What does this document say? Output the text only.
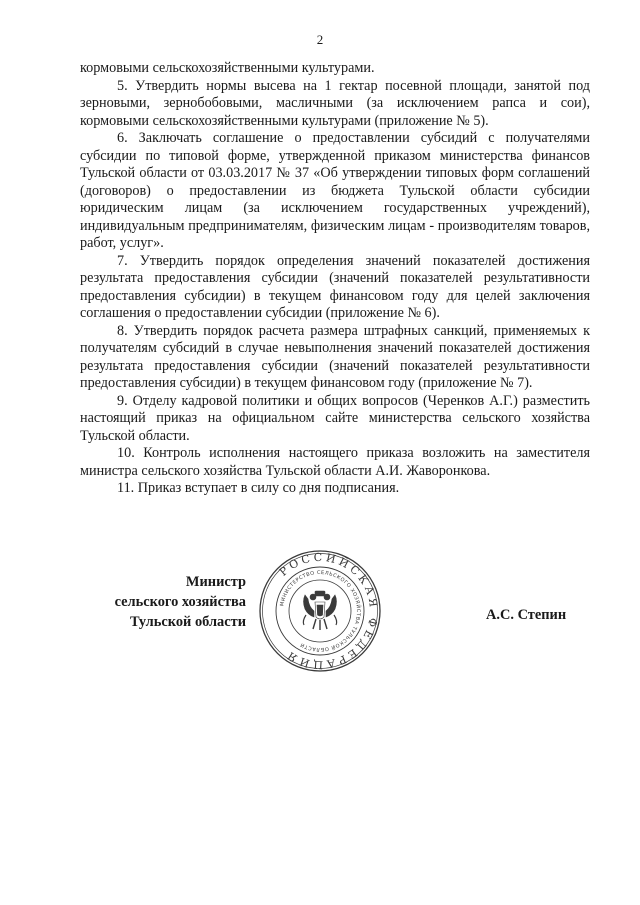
2

кормовыми сельскохозяйственными культурами.

5. Утвердить нормы высева на 1 гектар посевной площади, занятой под зерновыми, зернобобовыми, масличными (за исключением рапса и сои), кормовыми сельскохозяйственными культурами (приложение № 5).

6. Заключать соглашение о предоставлении субсидий с получателями субсидии по типовой форме, утвержденной приказом министерства финансов Тульской области от 03.03.2017 № 37 «Об утверждении типовых форм соглашений (договоров) о предоставлении из бюджета Тульской области субсидии юридическим лицам (за исключением государственных учреждений), индивидуальным предпринимателям, физическим лицам - производителям товаров, работ, услуг».

7. Утвердить порядок определения значений показателей достижения результата предоставления субсидии (значений показателей результативности предоставления субсидии) в текущем финансовом году для целей заключения соглашения о предоставлении субсидии (приложение № 6).

8. Утвердить порядок расчета размера штрафных санкций, применяемых к получателям субсидий в случае невыполнения значений показателей достижения результата предоставления субсидии (значений показателей результативности предоставления субсидии) в текущем финансовом году (приложение № 7).

9. Отделу кадровой политики и общих вопросов (Черенков А.Г.) разместить настоящий приказ на официальном сайте министерства сельского хозяйства Тульской области.

10. Контроль исполнения настоящего приказа возложить на заместителя министра сельского хозяйства Тульской области А.И. Жаворонкова.

11. Приказ вступает в силу со дня подписания.

Министр
сельского хозяйства
Тульской области
РОССИЙСКАЯ ФЕДЕРАЦИЯ
МИНИСТЕРСТВО СЕЛЬСКОГО ХОЗЯЙСТВА ТУЛЬСКОЙ ОБЛАСТИ
А.С. Степин
